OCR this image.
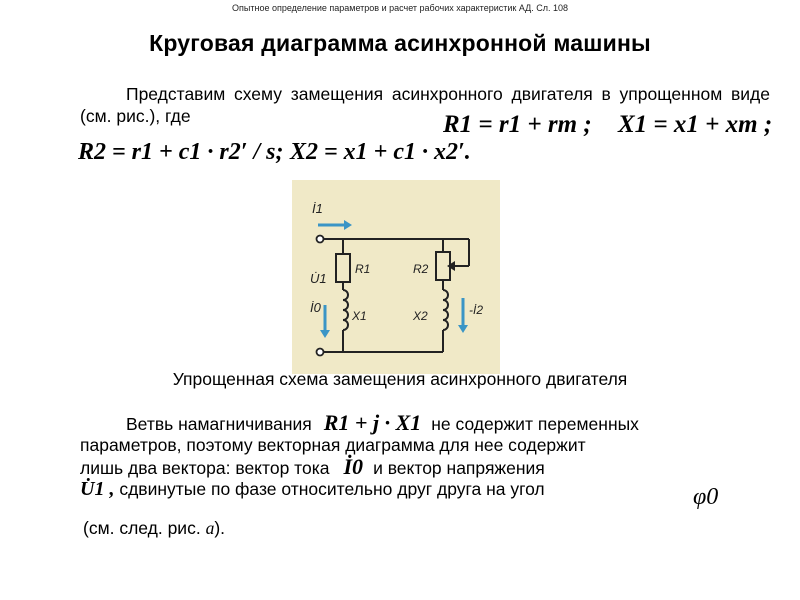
Опытное определение параметров и расчет рабочих характеристик АД. Сл. 108
Круговая диаграмма асинхронной машины
Представим схему замещения асинхронного двигателя в упрощенном виде (см. рис.), где	R1 = r1 + rm ; X1 = x1 + xm ;
R2 = r1 + c1 · r2′ / s; X2 = x1 + c1 · x2′.
İ1
U̇1
İ0
R1
X1
R2
X2	-İ2
Упрощенная схема замещения асинхронного двигателя
Ветвь намагничивания R1 + j · X1 не содержит переменных
параметров, поэтому векторная диаграмма для нее содержит
лишь два вектора: вектор тока İ0 и вектор напряжения
U̇1 , сдвинутые по фазе относительно друг друга на угол	φ0
(см. след. рис. а).
